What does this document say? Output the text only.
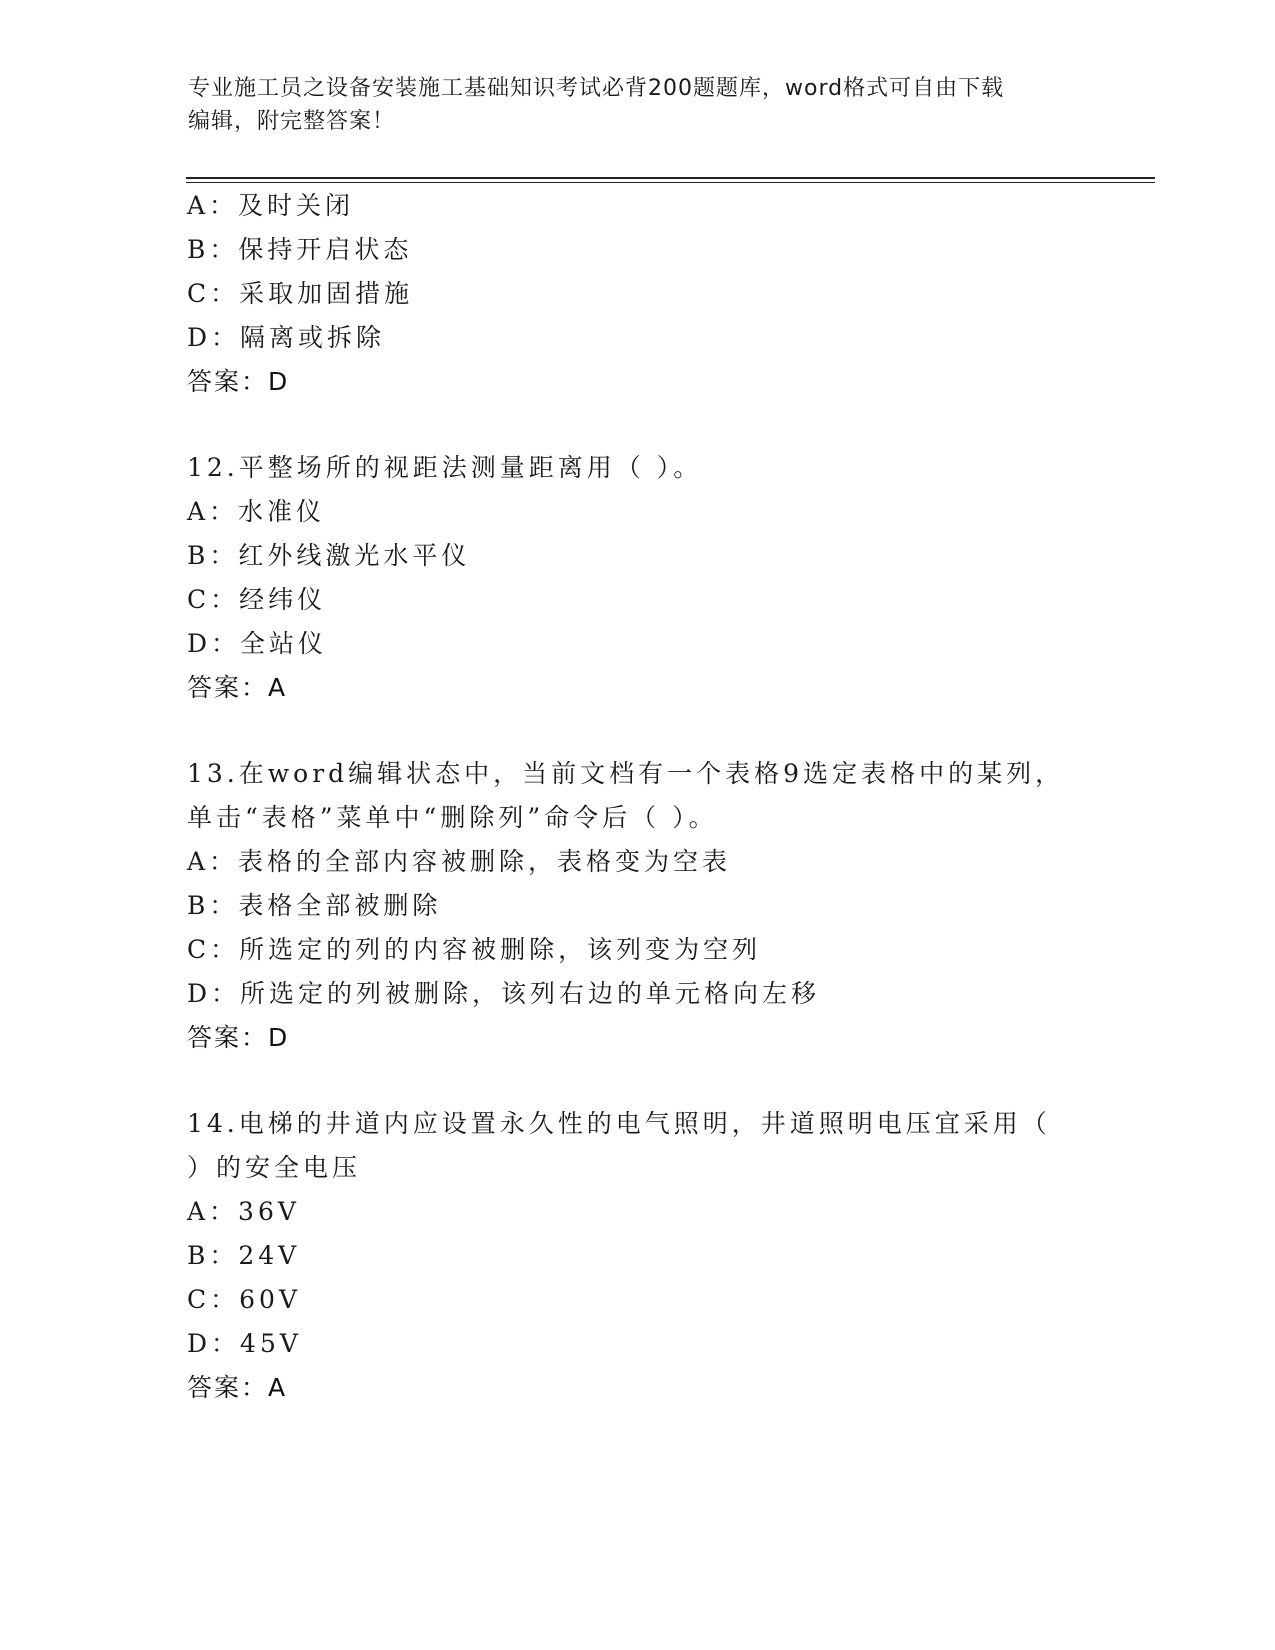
专业施工员之设备安装施工基础知识考试必背200题题库，word格式可自由下载
编辑，附完整答案！
A：及时关闭
B：保持开启状态
C：采取加固措施
D：隔离或拆除
答案：D
12.平整场所的视距法测量距离用（ ）。
A：水准仪
B：红外线激光水平仪
C：经纬仪
D：全站仪
答案：A
13.在word编辑状态中，当前文档有一个表格9选定表格中的某列，
单击“表格”菜单中“删除列”命令后（ ）。
A：表格的全部内容被删除，表格变为空表
B：表格全部被删除
C：所选定的列的内容被删除，该列变为空列
D：所选定的列被删除，该列右边的单元格向左移
答案：D
14.电梯的井道内应设置永久性的电气照明，井道照明电压宜采用（
）的安全电压
A：36V
B：24V
C：60V
D：45V
答案：A
